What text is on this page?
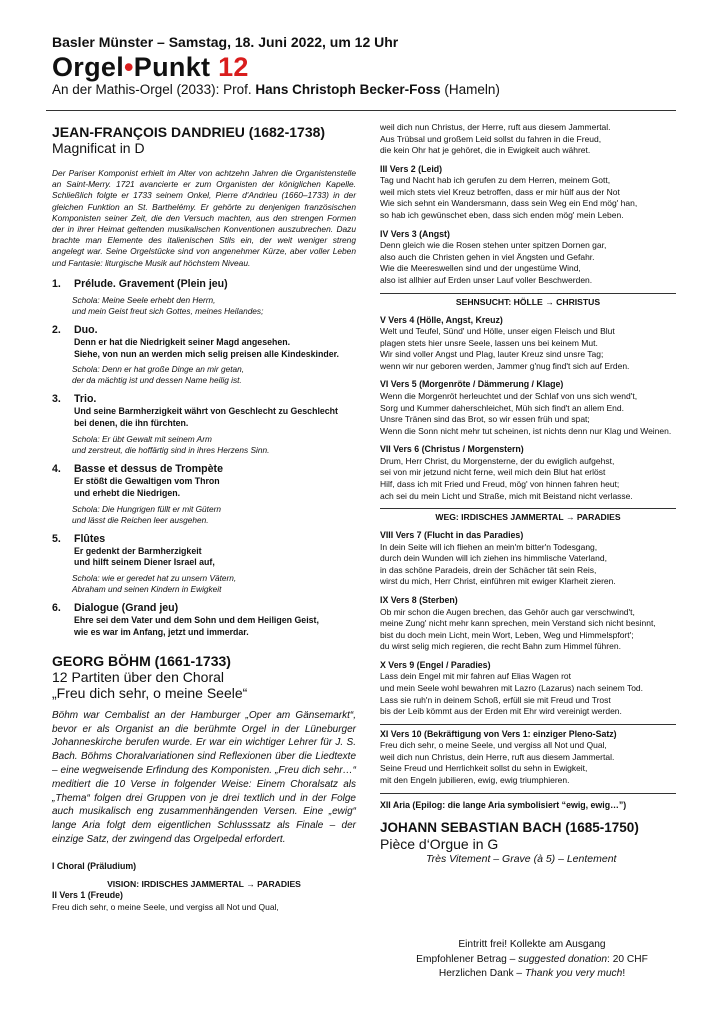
Basler Münster – Samstag, 18. Juni 2022, um 12 Uhr
Orgel•Punkt 12
An der Mathis-Orgel (2033): Prof. Hans Christoph Becker-Foss (Hameln)
JEAN-FRANÇOIS DANDRIEU (1682-1738)
Magnificat in D
Der Pariser Komponist erhielt im Alter von achtzehn Jahren die Organistenstelle an Saint-Merry. 1721 avancierte er zum Organisten der königlichen Kapelle. Schließlich folgte er 1733 seinem Onkel, Pierre d'Andrieu (1660–1733) in der gleichen Funktion an St. Barthelémy. Er gehörte zu denjenigen französischen Komponisten seiner Zeit, die den Versuch machten, aus den strengen Formen der in ihrer Heimat geltenden musikalischen Konventionen auszubrechen. Dazu brachte man Elemente des italienischen Stils ein, der weit weniger streng angelegt war. Seine Orgelstücke sind von angenehmer Kürze, aber voller Leben und Fantasie: liturgische Musik auf höchstem Niveau.
1.	Prélude. Gravement (Plein jeu)
Schola: Meine Seele erhebt den Herrn,
und mein Geist freut sich Gottes, meines Heilandes;
2.	Duo.
Denn er hat die Niedrigkeit seiner Magd angesehen.
Siehe, von nun an werden mich selig preisen alle Kindeskinder.
Schola: Denn er hat große Dinge an mir getan,
der da mächtig ist und dessen Name heilig ist.
3.	Trio.
Und seine Barmherzigkeit währt von Geschlecht zu Geschlecht
bei denen, die ihn fürchten.
Schola: Er übt Gewalt mit seinem Arm
und zerstreut, die hoffärtig sind in ihres Herzens Sinn.
4.	Basse et dessus de Trompète
Er stößt die Gewaltigen vom Thron
und erhebt die Niedrigen.
Schola: Die Hungrigen füllt er mit Gütern
und lässt die Reichen leer ausgehen.
5.	Flûtes
Er gedenkt der Barmherzigkeit
und hilft seinem Diener Israel auf,
Schola: wie er geredet hat zu unsern Vätern,
Abraham und seinen Kindern in Ewigkeit
6.	Dialogue (Grand jeu)
Ehre sei dem Vater und dem Sohn und dem Heiligen Geist,
wie es war im Anfang, jetzt und immerdar.
GEORG BÖHM (1661-1733)
12 Partiten über den Choral
„Freu dich sehr, o meine Seele“
Böhm war Cembalist an der Hamburger „Oper am Gänsemarkt“, bevor er als Organist an die berühmte Orgel in der Lüneburger Johanneskirche berufen wurde. Er war ein wichtiger Lehrer für J. S. Bach. Böhms Choralvariationen sind Reflexionen über die Liedtexte – eine wegweisende Erfindung des Komponisten. „Freu dich sehr…“ meditiert die 10 Verse in folgender Weise: Einem Choralsatz als „Thema“ folgen drei Gruppen von je drei textlich und in der Folge auch musikalisch eng zusammenhängenden Versen. Eine „ewig“ lange Aria folgt dem eigentlichen Schlusssatz als Finale – der einzige Satz, der zwingend das Orgelpedal erfordert.
I Choral (Präludium)
VISION: IRDISCHES JAMMERTAL → PARADIES
II Vers 1 (Freude)
Freu dich sehr, o meine Seele, und vergiss all Not und Qual,
weil dich nun Christus, der Herre, ruft aus diesem Jammertal.
Aus Trübsal und großem Leid sollst du fahren in die Freud,
die kein Ohr hat je gehöret, die in Ewigkeit auch währet.
III Vers 2 (Leid)
Tag und Nacht hab ich gerufen zu dem Herren, meinem Gott,
weil mich stets viel Kreuz betroffen, dass er mir hülf aus der Not
Wie sich sehnt ein Wandersmann, dass sein Weg ein End mög' han,
so hab ich gewünschet eben, dass sich enden mög' mein Leben.
IV Vers 3 (Angst)
Denn gleich wie die Rosen stehen unter spitzen Dornen gar,
also auch die Christen gehen in viel Ängsten und Gefahr.
Wie die Meereswellen sind und der ungestüme Wind,
also ist allhier auf Erden unser Lauf voller Beschwerden.
SEHNSUCHT: HÖLLE → CHRISTUS
V Vers 4 (Hölle, Angst, Kreuz)
Welt und Teufel, Sünd' und Hölle, unser eigen Fleisch und Blut
plagen stets hier unsre Seele, lassen uns bei keinem Mut.
Wir sind voller Angst und Plag, lauter Kreuz sind unsre Tag;
wenn wir nur geboren werden, Jammer g'nug find't sich auf Erden.
VI Vers 5 (Morgenröte / Dämmerung / Klage)
Wenn die Morgenröt herleuchtet und der Schlaf von uns sich wend't,
Sorg und Kummer daherschleichet, Müh sich find't an allem End.
Unsre Tränen sind das Brot, so wir essen früh und spat;
Wenn die Sonn nicht mehr tut scheinen, ist nichts denn nur Klag und Weinen.
VII Vers 6 (Christus / Morgenstern)
Drum, Herr Christ, du Morgensterne, der du ewiglich aufgehst,
sei von mir jetzund nicht ferne, weil mich dein Blut hat erlöst
Hilf, dass ich mit Fried und Freud, mög' von hinnen fahren heut;
ach sei du mein Licht und Straße, mich mit Beistand nicht verlasse.
WEG: IRDISCHES JAMMERTAL → PARADIES
VIII Vers 7 (Flucht in das Paradies)
In dein Seite will ich fliehen an mein'm bitter'n Todesgang,
durch dein Wunden will ich ziehen ins himmlische Vaterland,
in das schöne Paradeis, drein der Schächer tät sein Reis,
wirst du mich, Herr Christ, einführen mit ewiger Klarheit zieren.
IX Vers 8 (Sterben)
Ob mir schon die Augen brechen, das Gehör auch gar verschwind't,
meine Zung' nicht mehr kann sprechen, mein Verstand sich nicht besinnt,
bist du doch mein Licht, mein Wort, Leben, Weg und Himmelspfort';
du wirst selig mich regieren, die recht Bahn zum Himmel führen.
X Vers 9 (Engel / Paradies)
Lass dein Engel mit mir fahren auf Elias Wagen rot
und mein Seele wohl bewahren mit Lazro (Lazarus) nach seinem Tod.
Lass sie ruh'n in deinem Schoß, erfüll sie mit Freud und Trost
bis der Leib kömmt aus der Erden mit Ehr wird vereinigt werden.
XI Vers 10 (Bekräftigung von Vers 1: einziger Pleno-Satz)
Freu dich sehr, o meine Seele, und vergiss all Not und Qual,
weil dich nun Christus, dein Herre, ruft aus diesem Jammertal.
Seine Freud und Herrlichkeit sollst du sehn in Ewigkeit,
mit den Engeln jubilieren, ewig, ewig triumphieren.
XII Aria (Epilog: die lange Aria symbolisiert “ewig, ewig…”)
JOHANN SEBASTIAN BACH (1685-1750)
Pièce d‘Orgue in G
Très Vitement – Grave (à 5) – Lentement
Eintritt frei! Kollekte am Ausgang
Empfohlener Betrag – suggested donation: 20 CHF
Herzlichen Dank – Thank you very much!
